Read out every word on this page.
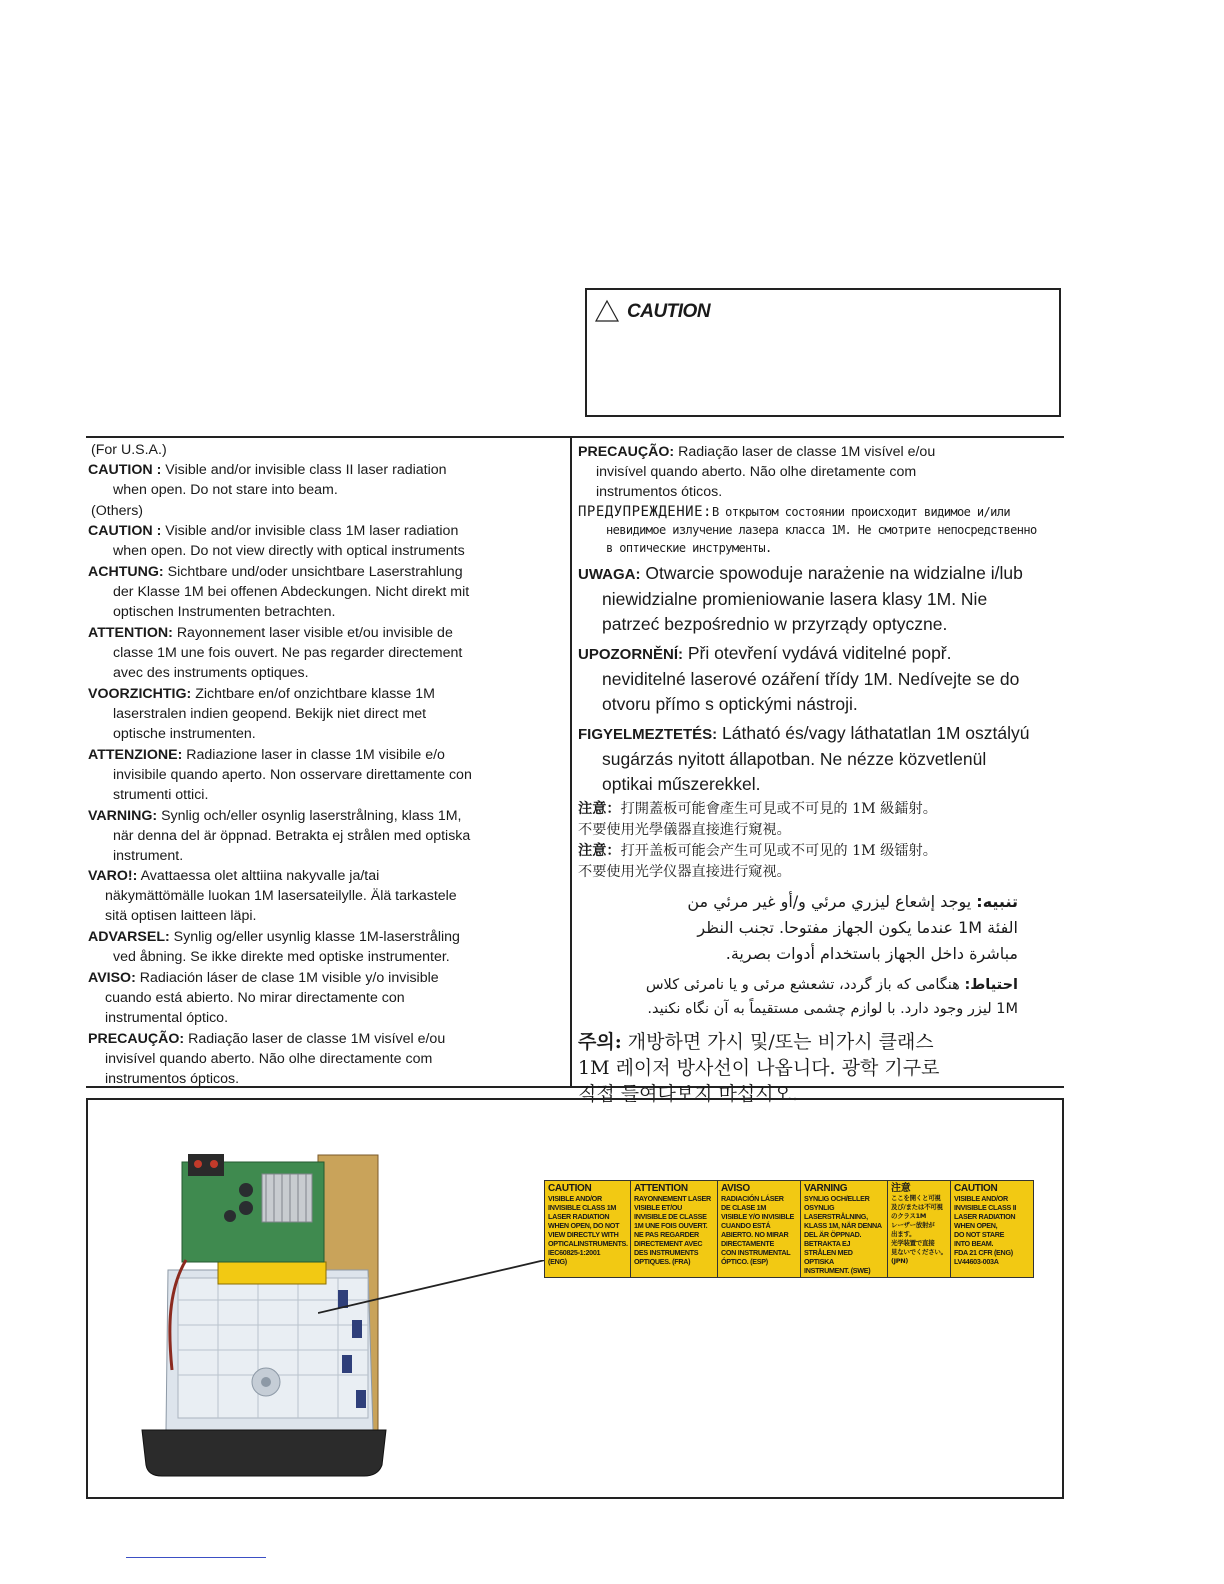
CAUTION

(For U.S.A.)

CAUTION : Visible and/or invisible class II laser radiation
when open. Do not stare into beam.

(Others)

CAUTION : Visible and/or invisible class 1M laser radiation
when open. Do not view directly with optical instruments
ACHTUNG: Sichtbare und/oder unsichtbare Laserstrahlung
der Klasse 1M bei offenen Abdeckungen. Nicht direkt mit
optischen Instrumenten betrachten.
ATTENTION: Rayonnement laser visible et/ou invisible de
classe 1M une fois ouvert. Ne pas regarder directement
avec des instruments optiques.
VOORZICHTIG: Zichtbare en/of onzichtbare klasse 1M
laserstralen indien geopend. Bekijk niet direct met
optische instrumenten.
ATTENZIONE: Radiazione laser in classe 1M visibile e/o
invisibile quando aperto. Non osservare direttamente con
strumenti ottici.
VARNING: Synlig och/eller osynlig laserstrålning, klass 1M,
när denna del är öppnad. Betrakta ej strålen med optiska
instrument.
VARO!: Avattaessa olet alttiina nakyvalle ja/tai
näkymättömälle luokan 1M lasersateilylle. Älä tarkastele
sitä optisen laitteen läpi.
ADVARSEL: Synlig og/eller usynlig klasse 1M-laserstråling
ved åbning. Se ikke direkte med optiske instrumenter.
AVISO: Radiación láser de clase 1M visible y/o invisible
cuando está abierto. No mirar directamente con
instrumental óptico.
PRECAUÇÃO: Radiação laser de classe 1M visível e/ou
invisível quando aberto. Não olhe directamente com
instrumentos ópticos.
PRECAUÇÃO: Radiação laser de classe 1M visível e/ou
invisível quando aberto. Não olhe diretamente com
instrumentos óticos.
ПРЕДУПРЕЖДЕНИЕ:В открытом состоянии происходит видимое и/или
невидимое излучение лазера класса 1M. Не смотрите непосредственно
в оптические инструменты.
UWAGA: Otwarcie spowoduje narażenie na widzialne i/lub
niewidzialne promieniowanie lasera klasy 1M. Nie
patrzeć bezpośrednio w przyrządy optyczne.
UPOZORNĚNÍ: Při otevření vydává viditelné popř.
neviditelné laserové ozáření třídy 1M. Nedívejte se do
otvoru přímo s optickými nástroji.
FIGYELMEZTETÉS: Látható és/vagy láthatatlan 1M osztályú
sugárzás nyitott állapotban. Ne nézze közvetlenül
optikai műszerekkel.
注意：打開蓋板可能會產生可見或不可見的 1M 級鐳射。
不要使用光學儀器直接進行窺視。
注意：打开盖板可能会产生可见或不可见的 1M 级镭射。
不要使用光学仪器直接进行窥视。
تنبيه: يوجد إشعاع ليزري مرئي و/أو غير مرئي من
الفئة 1M عندما يكون الجهاز مفتوحا. تجنب النظر
مباشرة داخل الجهاز باستخدام أدوات بصرية.
احتياط: هنگامی که باز گردد، تشعشع مرئی و یا نامرئی کلاس
1M لیزر وجود دارد. با لوازم چشمی مستقیماً به آن نگاه نکنید.
주의: 개방하면 가시 및/또는 비가시 클래스
1M 레이저 방사선이 나옵니다. 광학 기구로
직접 들여다보지 마십시오.
CAUTION
VISIBLE AND/OR
INVISIBLE CLASS 1M
LASER RADIATION
WHEN OPEN, DO NOT
VIEW DIRECTLY WITH
OPTICALINSTRUMENTS.
IEC60825-1:2001
(ENG)
ATTENTION
RAYONNEMENT LASER
VISIBLE ET/OU
INVISIBLE DE CLASSE
1M UNE FOIS OUVERT.
NE PAS REGARDER
DIRECTEMENT AVEC
DES INSTRUMENTS
OPTIQUES. (FRA)
AVISO
RADIACIÓN LÁSER
DE CLASE 1M
VISIBLE Y/O INVISIBLE
CUANDO ESTÁ
ABIERTO. NO MIRAR
DIRECTAMENTE
CON INSTRUMENTAL
ÓPTICO. (ESP)
VARNING
SYNLIG OCH/ELLER
OSYNLIG
LASERSTRÅLNING,
KLASS 1M, NÄR DENNA
DEL ÄR ÖPPNAD.
BETRAKTA EJ
STRÅLEN MED OPTISKA
INSTRUMENT. (SWE)
注意
ここを開くと可視
及び/または不可視
のクラス1M
レーザー放射が
出ます。
光学装置で直接
見ないでください。
(JPN)
CAUTION
VISIBLE AND/OR
INVISIBLE CLASS II
LASER RADIATION
WHEN OPEN,
DO NOT STARE
INTO BEAM.
FDA 21 CFR (ENG)
LV44603-003A
